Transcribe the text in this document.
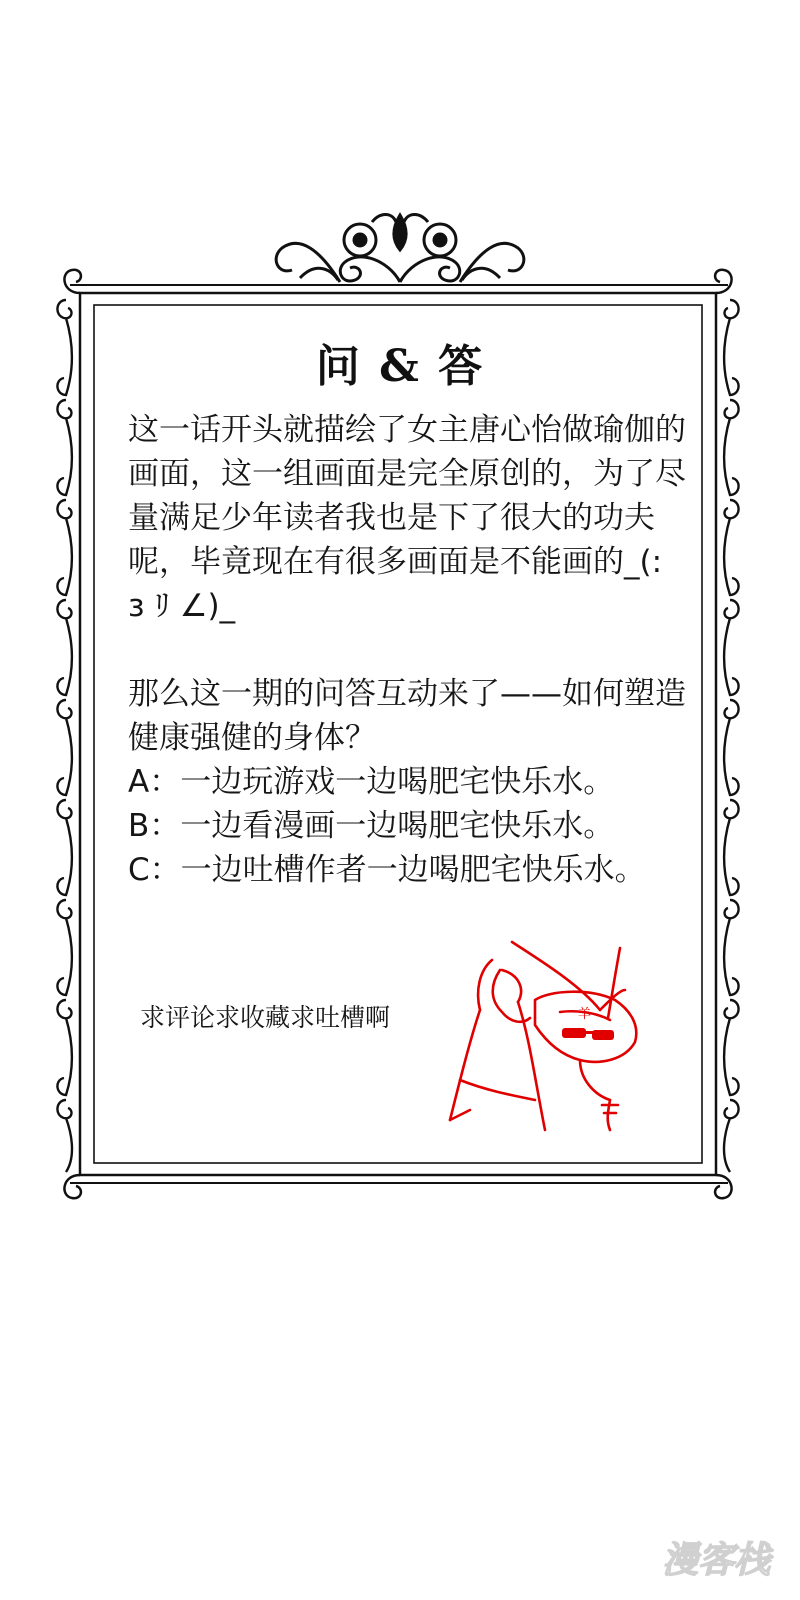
问 & 答

这一话开头就描绘了女主唐心怡做瑜伽的画面，这一组画面是完全原创的，为了尽量满足少年读者我也是下了很大的功夫呢，毕竟现在有很多画面是不能画的_(: з ﾘ ∠)_

那么这一期的问答互动来了——如何塑造健康强健的身体？

A：一边玩游戏一边喝肥宅快乐水。

B：一边看漫画一边喝肥宅快乐水。

C：一边吐槽作者一边喝肥宅快乐水。

求评论求收藏求吐槽啊	羊
漫客栈
